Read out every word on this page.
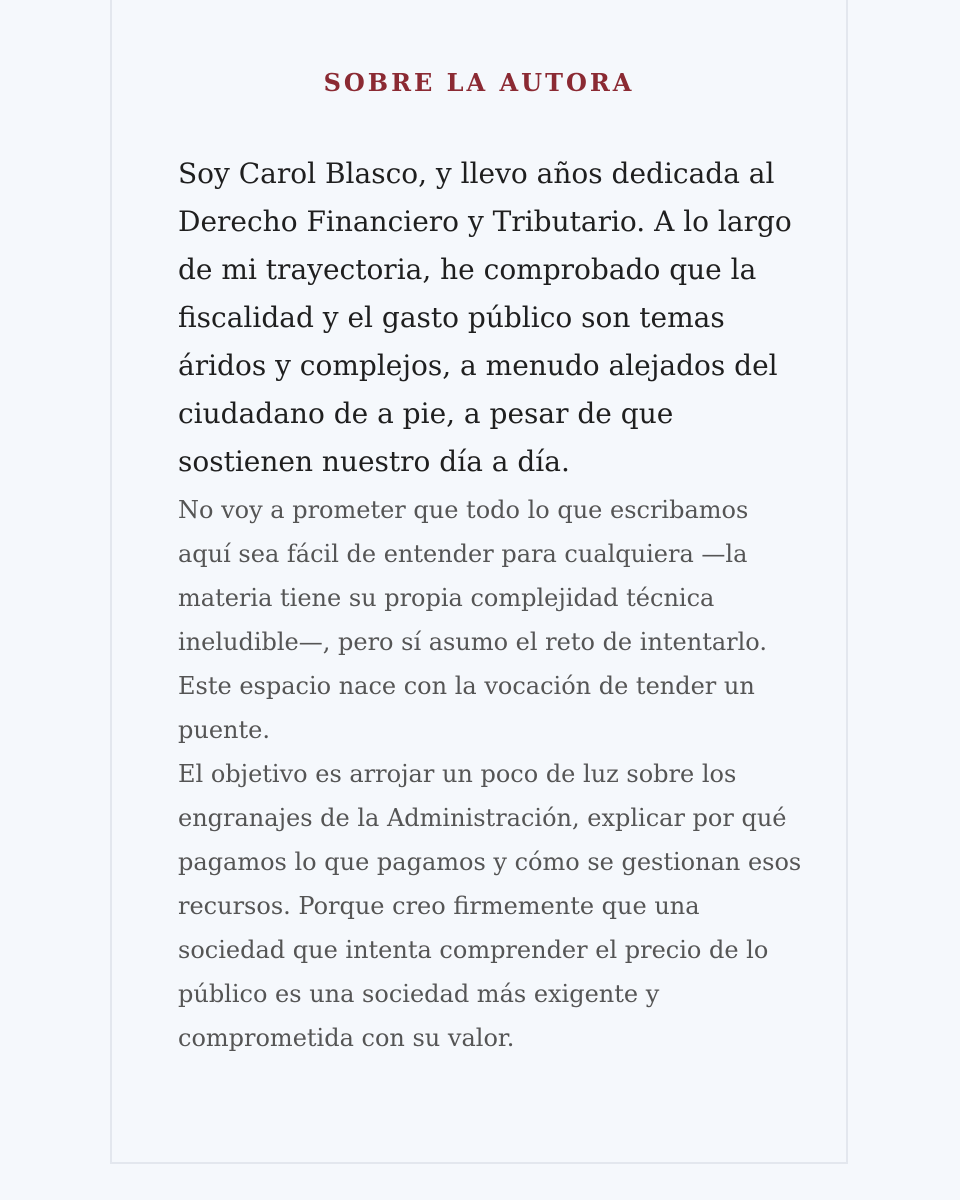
SOBRE LA AUTORA

Soy Carol Blasco, y llevo años dedicada al Derecho Financiero y Tributario. A lo largo de mi trayectoria, he comprobado que la fiscalidad y el gasto público son temas áridos y complejos, a menudo alejados del ciudadano de a pie, a pesar de que sostienen nuestro día a día.

No voy a prometer que todo lo que escribamos aquí sea fácil de entender para cualquiera —la materia tiene su propia complejidad técnica ineludible—, pero sí asumo el reto de intentarlo. Este espacio nace con la vocación de tender un puente.

El objetivo es arrojar un poco de luz sobre los engranajes de la Administración, explicar por qué pagamos lo que pagamos y cómo se gestionan esos recursos. Porque creo firmemente que una sociedad que intenta comprender el precio de lo público es una sociedad más exigente y comprometida con su valor.
